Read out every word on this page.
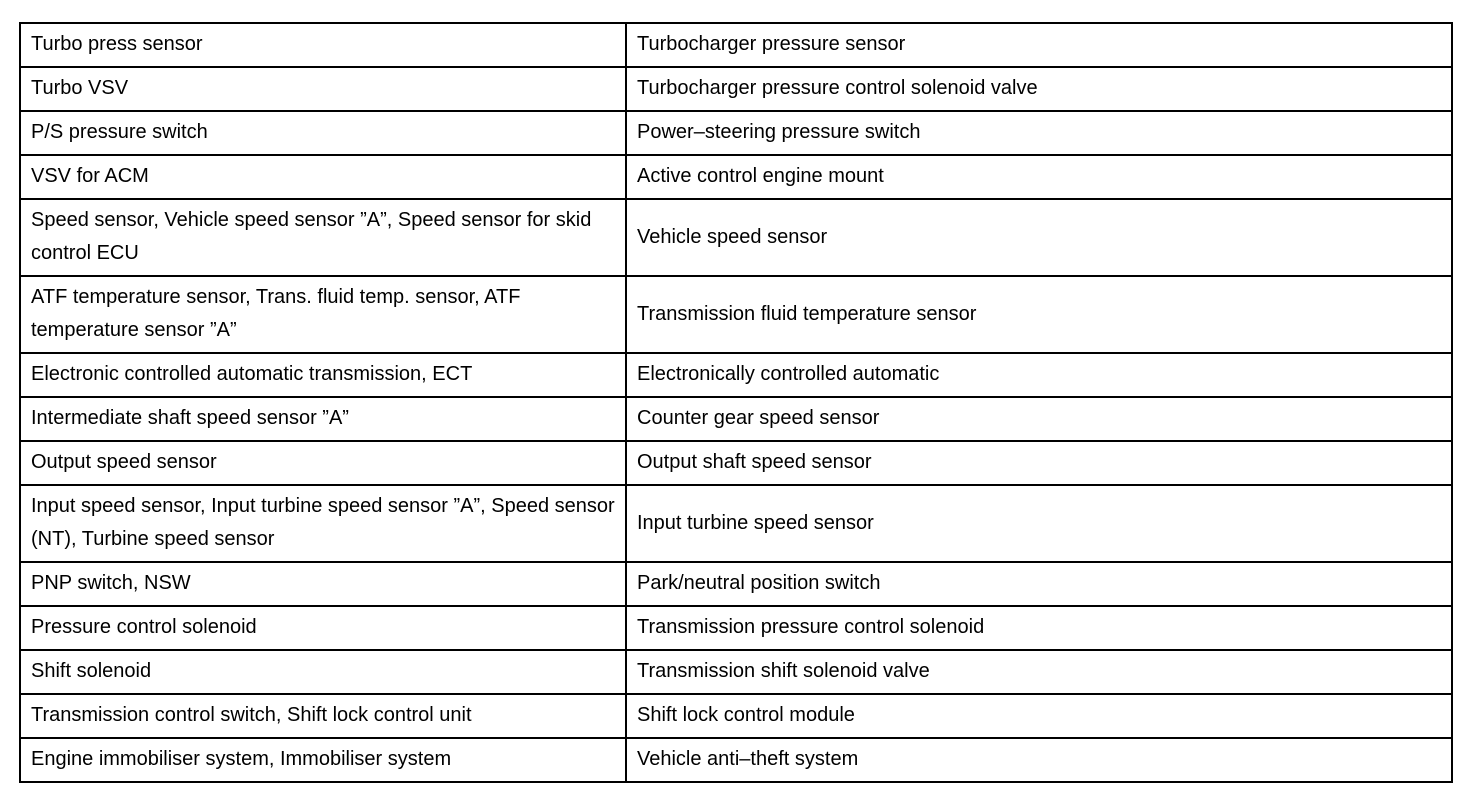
Turbo press sensor	Turbocharger pressure sensor
Turbo VSV	Turbocharger pressure control solenoid valve
P/S pressure switch	Power–steering pressure switch
VSV for ACM	Active control engine mount
Speed sensor, Vehicle speed sensor ”A”, Speed sensor for skid control ECU	Vehicle speed sensor
ATF temperature sensor, Trans. fluid temp. sensor, ATF temperature sensor ”A”	Transmission fluid temperature sensor
Electronic controlled automatic transmission, ECT	Electronically controlled automatic
Intermediate shaft speed sensor ”A”	Counter gear speed sensor
Output speed sensor	Output shaft speed sensor
Input speed sensor, Input turbine speed sensor ”A”, Speed sensor (NT), Turbine speed sensor	Input turbine speed sensor
PNP switch, NSW	Park/neutral position switch
Pressure control solenoid	Transmission pressure control solenoid
Shift solenoid	Transmission shift solenoid valve
Transmission control switch, Shift lock control unit	Shift lock control module
Engine immobiliser system, Immobiliser system	Vehicle anti–theft system
